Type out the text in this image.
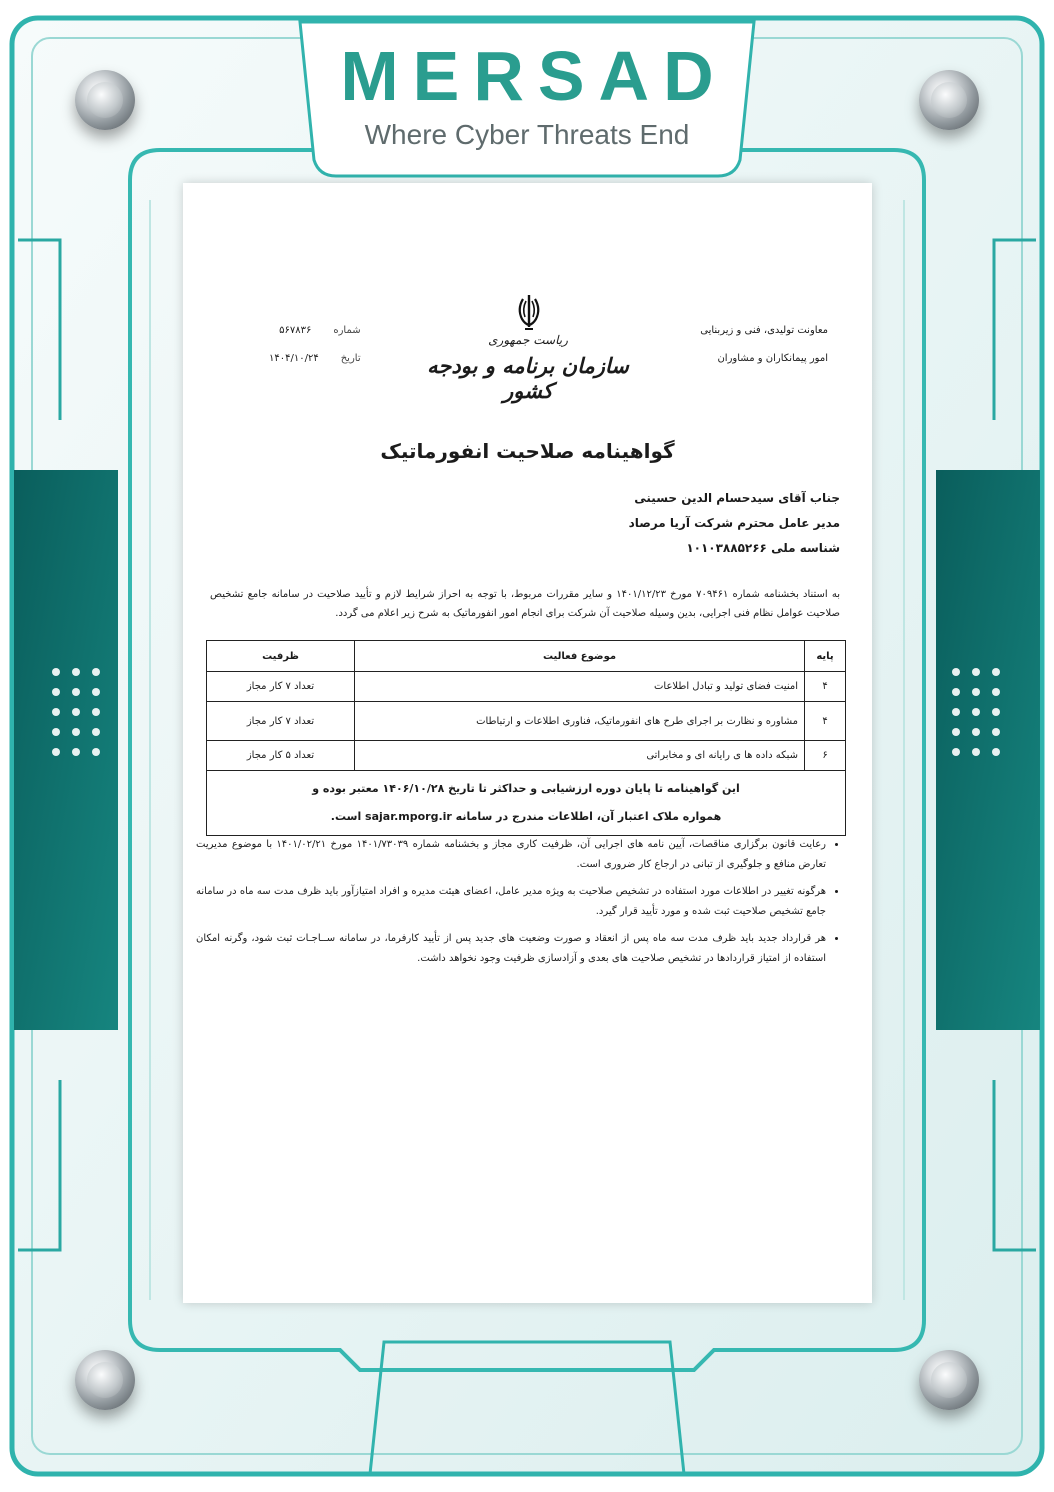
MERSAD
Where Cyber Threats End
معاونت تولیدی، فنی و زیربنایی
امور پیمانکاران و مشاوران
ریاست جمهوری
سازمان برنامه و بودجه کشور
شماره
۵۶۷۸۳۶
تاریخ
۱۴۰۴/۱۰/۲۴
گواهینامه صلاحیت انفورماتیک
جناب آقای سیدحسام الدین حسینی
مدیر عامل محترم شرکت آریا مرصاد
شناسه ملی ۱۰۱۰۳۸۸۵۲۶۶
به استناد بخشنامه شماره ۷۰۹۴۶۱ مورخ ۱۴۰۱/۱۲/۲۳ و سایر مقررات مربوط، با توجه به احراز شرایط لازم و تأیید صلاحیت در سامانه جامع تشخیص صلاحیت عوامل نظام فنی اجرایی، بدین وسیله صلاحیت آن شرکت برای انجام امور انفورماتیک به شرح زیر اعلام می گردد.
پایه	موضوع فعالیت	ظرفیت
۴	امنیت فضای تولید و تبادل اطلاعات	تعداد ۷ کار مجاز
۴	مشاوره و نظارت بر اجرای طرح های انفورماتیک، فناوری اطلاعات و ارتباطات	تعداد ۷ کار مجاز
۶	شبکه داده ها ی رایانه ای و مخابراتی	تعداد ۵ کار مجاز

این گواهینامه تا پایان دوره ارزشیابی و حداکثر تا تاریخ ۱۴۰۶/۱۰/۲۸ معتبر بوده و
همواره ملاک اعتبار آن، اطلاعات مندرج در سامانه sajar.mporg.ir است.		
• رعایت قانون برگزاری مناقصات، آیین نامه های اجرایی آن، ظرفیت کاری مجاز و بخشنامه شماره ۱۴۰۱/۷۳۰۳۹ مورخ ۱۴۰۱/۰۲/۲۱ با موضوع مدیریت تعارض منافع و جلوگیری از تبانی در ارجاع کار ضروری است.
• هرگونه تغییر در اطلاعات مورد استفاده در تشخیص صلاحیت به ویژه مدیر عامل، اعضای هیئت مدیره و افراد امتیازآور باید ظرف مدت سه ماه در سامانه جامع تشخیص صلاحیت ثبت شده و مورد تأیید قرار گیرد.
• هر قرارداد جدید باید ظرف مدت سه ماه پس از انعقاد و صورت وضعیت های جدید پس از تأیید کارفرما، در سامانه ســاجـات ثبت شود، وگرنه امکان استفاده از امتیاز قراردادها در تشخیص صلاحیت های بعدی و آزادسازی ظرفیت وجود نخواهد داشت.
